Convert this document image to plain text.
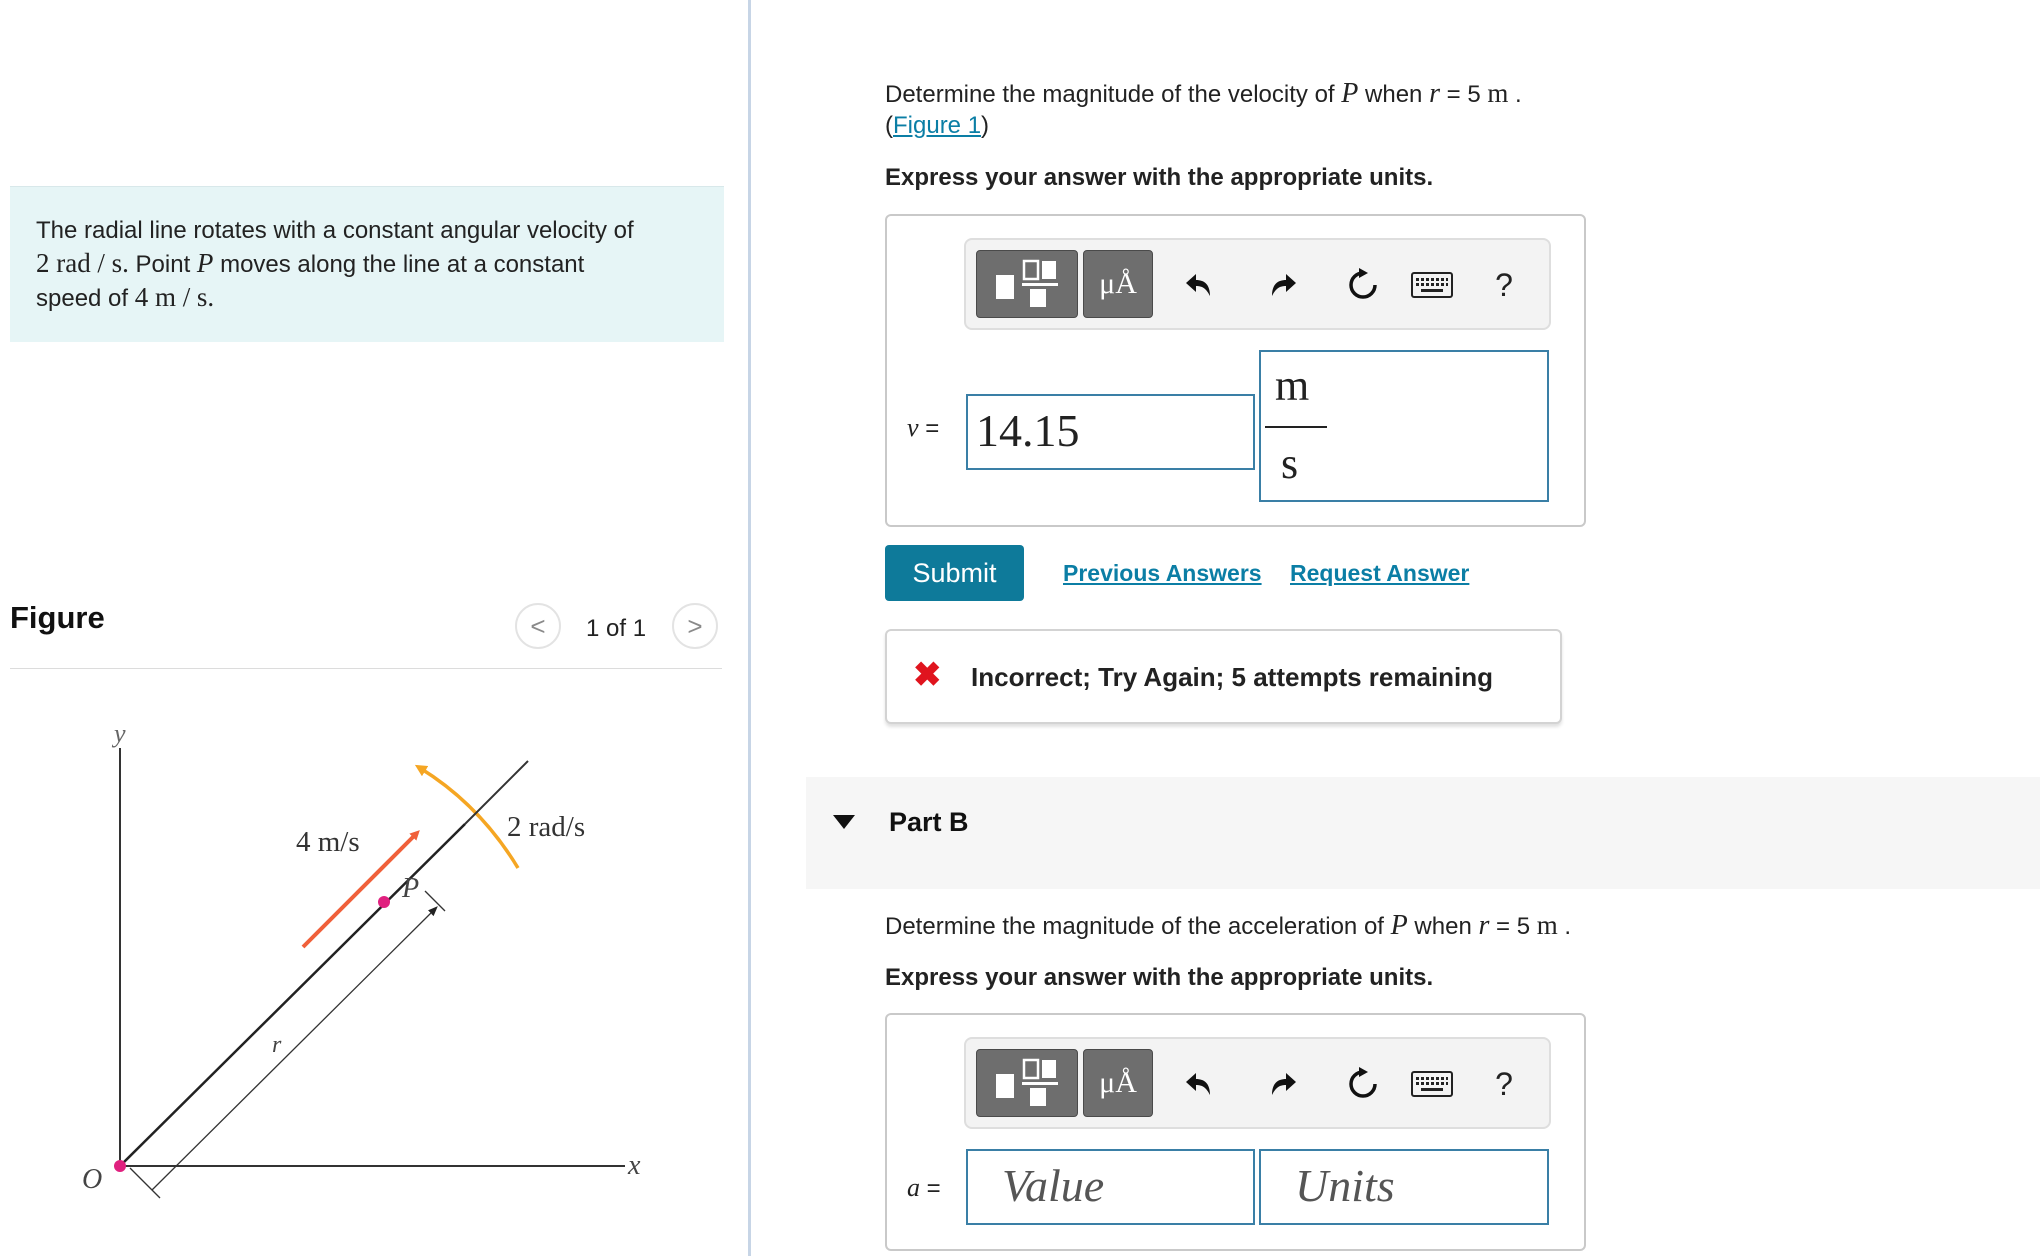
The radial line rotates with a constant angular velocity of
2 rad / s. Point P moves along the line at a constant
speed of 4 m / s.
Figure	< 1 of 1 >
y
x
O
P
r
4 m/s	2 rad/s
Determine the magnitude of the velocity of P when r = 5 m .
(Figure 1)
Express your answer with the appropriate units.
μÅ	?
v = 14.15
m
s
Submit	Previous Answers Request Answer
✖ Incorrect; Try Again; 5 attempts remaining
Part B
Determine the magnitude of the acceleration of P when r = 5 m .
Express your answer with the appropriate units.
μÅ	?
a =	Value	Units
